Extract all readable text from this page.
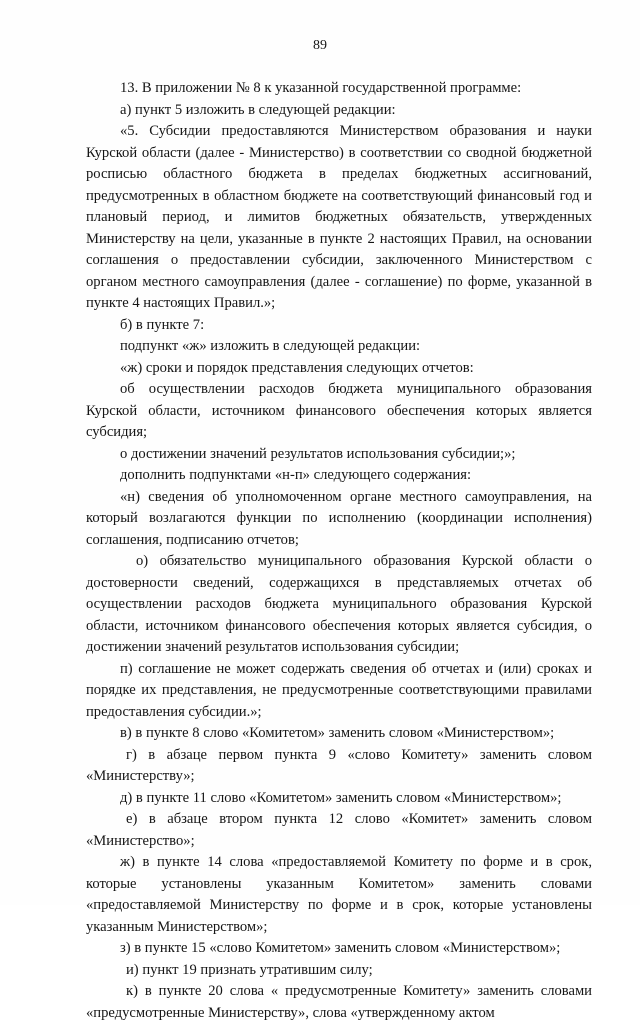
89

13. В приложении № 8 к указанной государственной программе:

а) пункт 5 изложить в следующей редакции:

«5. Субсидии предоставляются Министерством образования и науки Курской области (далее - Министерство) в соответствии со сводной бюджетной росписью областного бюджета в пределах бюджетных ассигнований, предусмотренных в областном бюджете на соответствующий финансовый год и плановый период, и лимитов бюджетных обязательств, утвержденных Министерству на цели, указанные в пункте 2 настоящих Правил, на основании соглашения о предоставлении субсидии, заключенного Министерством с органом местного самоуправления (далее - соглашение) по форме, указанной в пункте 4 настоящих Правил.»;

б) в пункте 7:

подпункт «ж» изложить в следующей редакции:

«ж) сроки и порядок представления следующих отчетов:

об осуществлении расходов бюджета муниципального образования Курской области, источником финансового обеспечения которых является субсидия;

о достижении значений результатов использования субсидии;»;

дополнить подпунктами «н-п» следующего содержания:

«н) сведения об уполномоченном органе местного самоуправления, на который возлагаются функции по исполнению (координации исполнения) соглашения, подписанию отчетов;

о) обязательство муниципального образования Курской области о достоверности сведений, содержащихся в представляемых отчетах об осуществлении расходов бюджета муниципального образования Курской области, источником финансового обеспечения которых является субсидия, о достижении значений результатов использования субсидии;

п) соглашение не может содержать сведения об отчетах и (или) сроках и порядке их представления, не предусмотренные соответствующими правилами предоставления субсидии.»;

в) в пункте 8 слово «Комитетом» заменить словом «Министерством»;

г) в абзаце первом пункта 9 «слово Комитету» заменить словом «Министерству»;

д) в пункте 11 слово «Комитетом» заменить словом «Министерством»;

е) в абзаце втором пункта 12 слово «Комитет» заменить словом «Министерство»;

ж) в пункте 14 слова «предоставляемой Комитету по форме и в срок, которые установлены указанным Комитетом» заменить словами «предоставляемой Министерству по форме и в срок, которые установлены указанным Министерством»;

з) в пункте 15 «слово Комитетом» заменить словом «Министерством»;

и) пункт 19 признать утратившим силу;

к) в пункте 20 слова « предусмотренные Комитету» заменить словами «предусмотренные Министерству», слова «утвержденному актом
